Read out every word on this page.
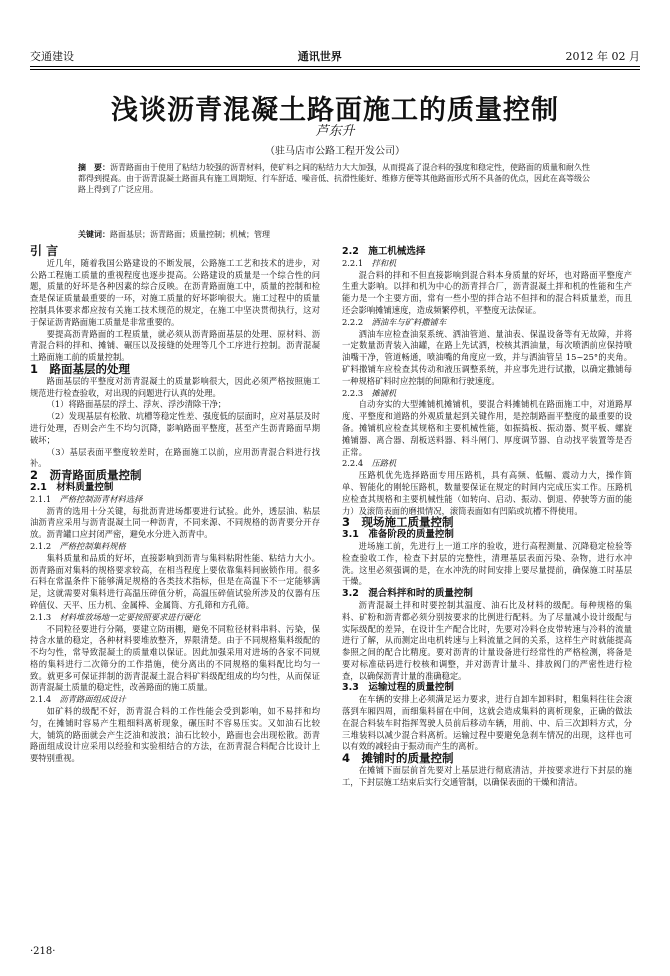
交通建设	通讯世界	2012 年 02 月
浅谈沥青混凝土路面施工的质量控制
芦东升
（驻马店市公路工程开发公司）
摘　要：沥青路面由于使用了粘结力较强的沥青材料，使矿料之间的粘结力大大加强，从而提高了混合料的强度和稳定性，使路面的质量和耐久性都得到提高。由于沥青混凝土路面具有施工周期短、行车舒适、噪音低、抗滑性能好、维修方便等其他路面形式所不具备的优点，因此在高等级公路上得到了广泛应用。
关键词：路面基层；沥青路面；质量控制；机械；管理

引 言

近几年，随着我国公路建设的不断发展，公路施工工艺和技术的进步，对公路工程施工质量的重视程度也逐步提高。公路建设的质量是一个综合性的问题，质量的好坏是各种因素的综合反映。在沥青路面施工中，质量的控制和检查是保证质量最重要的一环，对施工质量的好坏影响很大。施工过程中的质量控制具体要求都应按有关施工技术规范的规定，在施工中坚决贯彻执行，这对于保证沥青路面施工质量是非常重要的。

要提高沥青路面的工程质量，就必须从沥青路面基层的处理、原材料、沥青混合料的拌和、摊铺、碾压以及接缝的处理等几个工序进行控制。沥青混凝土路面施工前的质量控制。

1　路面基层的处理

路面基层的平整度对沥青混凝土的质量影响很大，因此必须严格按照施工规范进行检查验收，对出现的问题进行认真的处理。

（1）将路面基层的浮土、浮灰、浮沙清除干净；

（2）发现基层有松散、坑槽等稳定性差、强度低的层面时，应对基层及时进行处理，否则会产生不均匀沉降，影响路面平整度，甚至产生沥青路面早期破坏；

（3）基层表面平整度较差时，在路面施工以前，应用沥青混合料进行找补。

2　沥青路面质量控制

2.1　材料质量控制

2.1.1　 严格控制沥青材料选择

沥青的选用十分关键，每批沥青进场都要进行试验。此外，透层油、粘层油沥青应采用与沥青混凝土同一种沥青，不同来源、不同规格的沥青要分开存放。沥青罐口应封闭严密，避免水分进入沥青中。

2.1.2　 严格控制集料规格

集料质量和品质的好坏，直接影响到沥青与集料粘附性能、粘结力大小。沥青路面对集料的规格要求较高，在相当程度上要依靠集料间嵌锁作用。很多石料在常温条件下能够满足规格的各类技术指标，但是在高温下不一定能够满足，这就需要对集料进行高温压碎值分析，高温压碎值试验所涉及的仪器有压碎值仪、天平、压力机、金属棒、金属筒、方孔筛和方孔筛。

2.1.3　 材料堆放场地一定要按照要求进行硬化

不同粒径要进行分隔，要建立防雨棚，避免不同粒径材料串料、污染，保持含水量的稳定，各种材料要堆放整齐，界限清楚。由于不同规格集料级配的不均匀性，常导致混凝土的质量难以保证。因此加强采用对进场的各家不同规格的集料进行二次筛分的工作措施，使分离出的不同规格的集料配比均匀一致。就更多可保证拌制的沥青混凝土混合料矿料级配组成的均匀性，从而保证沥青混凝土质量的稳定性，改善路面的施工质量。

2.1.4　 沥青路面组成设计

如矿料的级配不好，沥青混合料的工作性能会受到影响，如不易拌和均匀，在摊铺时容易产生粗细料离析现象，碾压时不容易压实。又如油石比较大，铺筑的路面就会产生泛油和波浪；油石比较小，路面也会出现松散。沥青路面组成设计应采用以经验和实验相结合的方法，在沥青混合料配合比设计上要特别重视。

2.2　施工机械选择

2.2.1　 拌和机

混合料的拌和不但直接影响到混合料本身质量的好坏，也对路面平整度产生重大影响。以拌和机为中心的沥青拌合厂，沥青混凝土拌和机的性能和生产能力是一个主要方面，常有一些小型的拌合站不但拌和的混合料质量差，而且还会影响摊铺速度，造成频繁停机，平整度无法保证。

2.2.2　 洒油车与矿料撒铺车

洒油车应检查油泵系统、洒油管道、量油表、保温设备等有无故障，并将一定数量沥青装入油罐，在路上先试洒，校核其洒油量，每次喷洒前应保持喷油嘴干净，管道畅通，喷油嘴的角度应一致，并与洒油管呈 15~25°的夹角。矿料撒铺车应检查其传动和液压调整系统，并应事先进行试撒，以确定撒铺每一种规格矿料时应控制的间隙和行驶速度。

2.2.3　 摊铺机

自动夯实的大型摊铺机摊铺机，要混合料摊铺机在路面施工中，对道路厚度、平整度和道路的外观质量起到关键作用，是控制路面平整度的最重要的设备。摊铺机应检查其规格和主要机械性能，如振捣板、振动器、熨平板、螺旋摊铺器、离合器、刮板送料器、料斗闸门、厚度调节器、自动找平装置等是否正常。

2.2.4　 压路机

压路机优先选择路面专用压路机，具有高频、低幅、震动力大，操作简单、智能化的刚轮压路机，数量要保证在规定的时间内完成压实工作。压路机应检查其规格和主要机械性能（如转向、启动、振动、倒退、停驶等方面的能力）及滚筒表面的磨损情况，滚筒表面如有凹陷或坑槽不得使用。

3　现场施工质量控制

3.1　准备阶段的质量控制

进场施工前，先进行上一道工序的验收，进行高程测量、沉降稳定检验等检查验收工作，检查下封层的完整性，清理基层表面污染、杂物，进行水冲洗。这里必须强调的是，在水冲洗的时间安排上要尽量提前，确保施工时基层干燥。

3.2　混合料拌和时的质量控制

沥青混凝土拌和时要控制其温度、油石比及材料的级配。每种规格的集料、矿粉和沥青都必须分别按要求的比例进行配料。为了尽量减小设计级配与实际级配的差异，在设计生产配合比时，先要对冷料仓皮带转速与冷料的流量进行了解，从而测定出电机转速与上料流量之间的关系，这样生产时就能提高参照之间的配合比精度。要对沥青的计量设备进行经常性的严格检测，将备是要对标准砝码进行校核和调整，并对沥青计量斗、排放阀门的严密性进行检查，以确保沥青计量的准确稳定。

3.3　运输过程的质量控制

在车辆的安排上必须满足运力要求，进行自卸车卸料时，粗集料往往会滚落到车厢四周，而细集料留在中间，这就会造成集料的离析现象，正确的做法在混合料装车时指挥驾驶人员前后移动车辆，用前、中、后三次卸料方式，分三堆装料以减少混合料离析。运输过程中要避免急刹车情况的出现，这样也可以有效的减轻由于振动而产生的离析。

4　摊铺时的质量控制

在摊铺下面层前首先要对上基层进行彻底清洁，并按要求进行下封层的施工，下封层施工结束后实行交通管制，以确保表面的干燥和清洁。

·218·
